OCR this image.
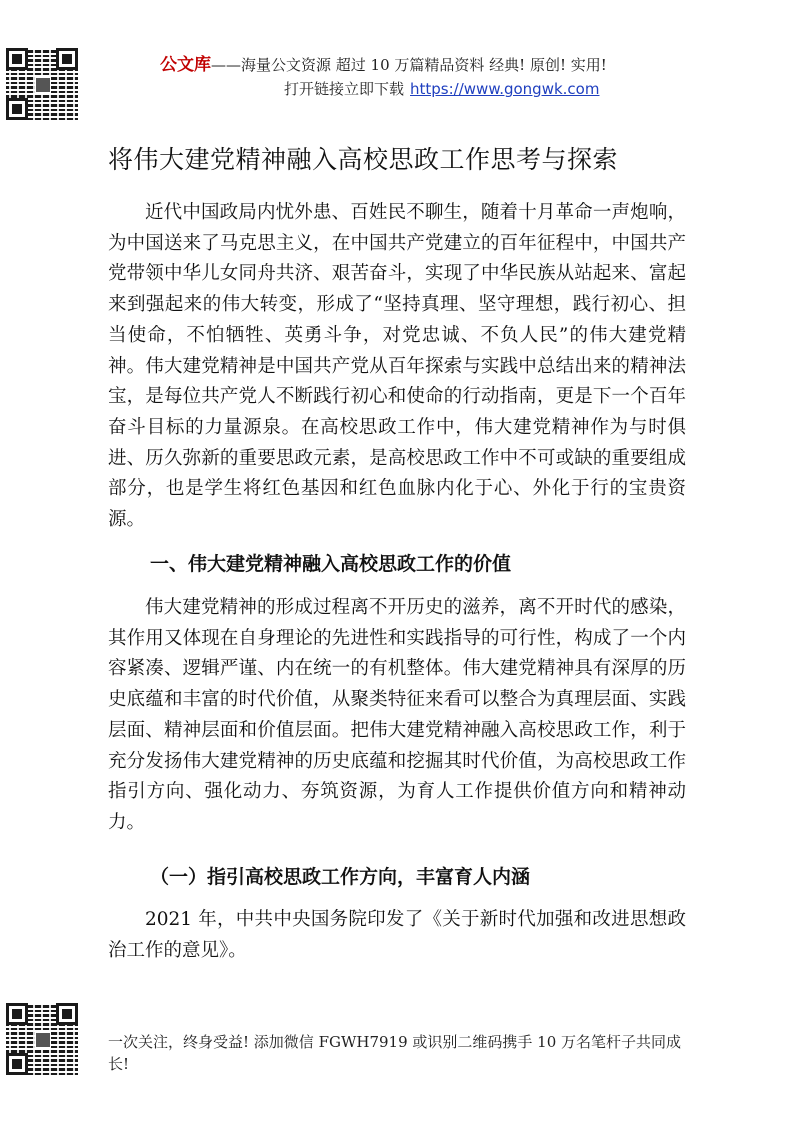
公文库——海量公文资源 超过 10 万篇精品资料 经典! 原创! 实用!
打开链接立即下载 https://www.gongwk.com
将伟大建党精神融入高校思政工作思考与探索

近代中国政局内忧外患、百姓民不聊生，随着十月革命一声炮响，为中国送来了马克思主义，在中国共产党建立的百年征程中，中国共产党带领中华儿女同舟共济、艰苦奋斗，实现了中华民族从站起来、富起来到强起来的伟大转变，形成了“坚持真理、坚守理想，践行初心、担当使命，不怕牺牲、英勇斗争，对党忠诚、不负人民”的伟大建党精神。伟大建党精神是中国共产党从百年探索与实践中总结出来的精神法宝，是每位共产党人不断践行初心和使命的行动指南，更是下一个百年奋斗目标的力量源泉。在高校思政工作中，伟大建党精神作为与时俱进、历久弥新的重要思政元素，是高校思政工作中不可或缺的重要组成部分，也是学生将红色基因和红色血脉内化于心、外化于行的宝贵资源。

一、伟大建党精神融入高校思政工作的价值

伟大建党精神的形成过程离不开历史的滋养，离不开时代的感染，其作用又体现在自身理论的先进性和实践指导的可行性，构成了一个内容紧凑、逻辑严谨、内在统一的有机整体。伟大建党精神具有深厚的历史底蕴和丰富的时代价值，从聚类特征来看可以整合为真理层面、实践层面、精神层面和价值层面。把伟大建党精神融入高校思政工作，利于充分发扬伟大建党精神的历史底蕴和挖掘其时代价值，为高校思政工作指引方向、强化动力、夯筑资源，为育人工作提供价值方向和精神动力。

（一）指引高校思政工作方向，丰富育人内涵

2021 年，中共中央国务院印发了《关于新时代加强和改进思想政治工作的意见》。

一次关注，终身受益! 添加微信 FGWH7919 或识别二维码携手 10 万名笔杆子共同成长!
